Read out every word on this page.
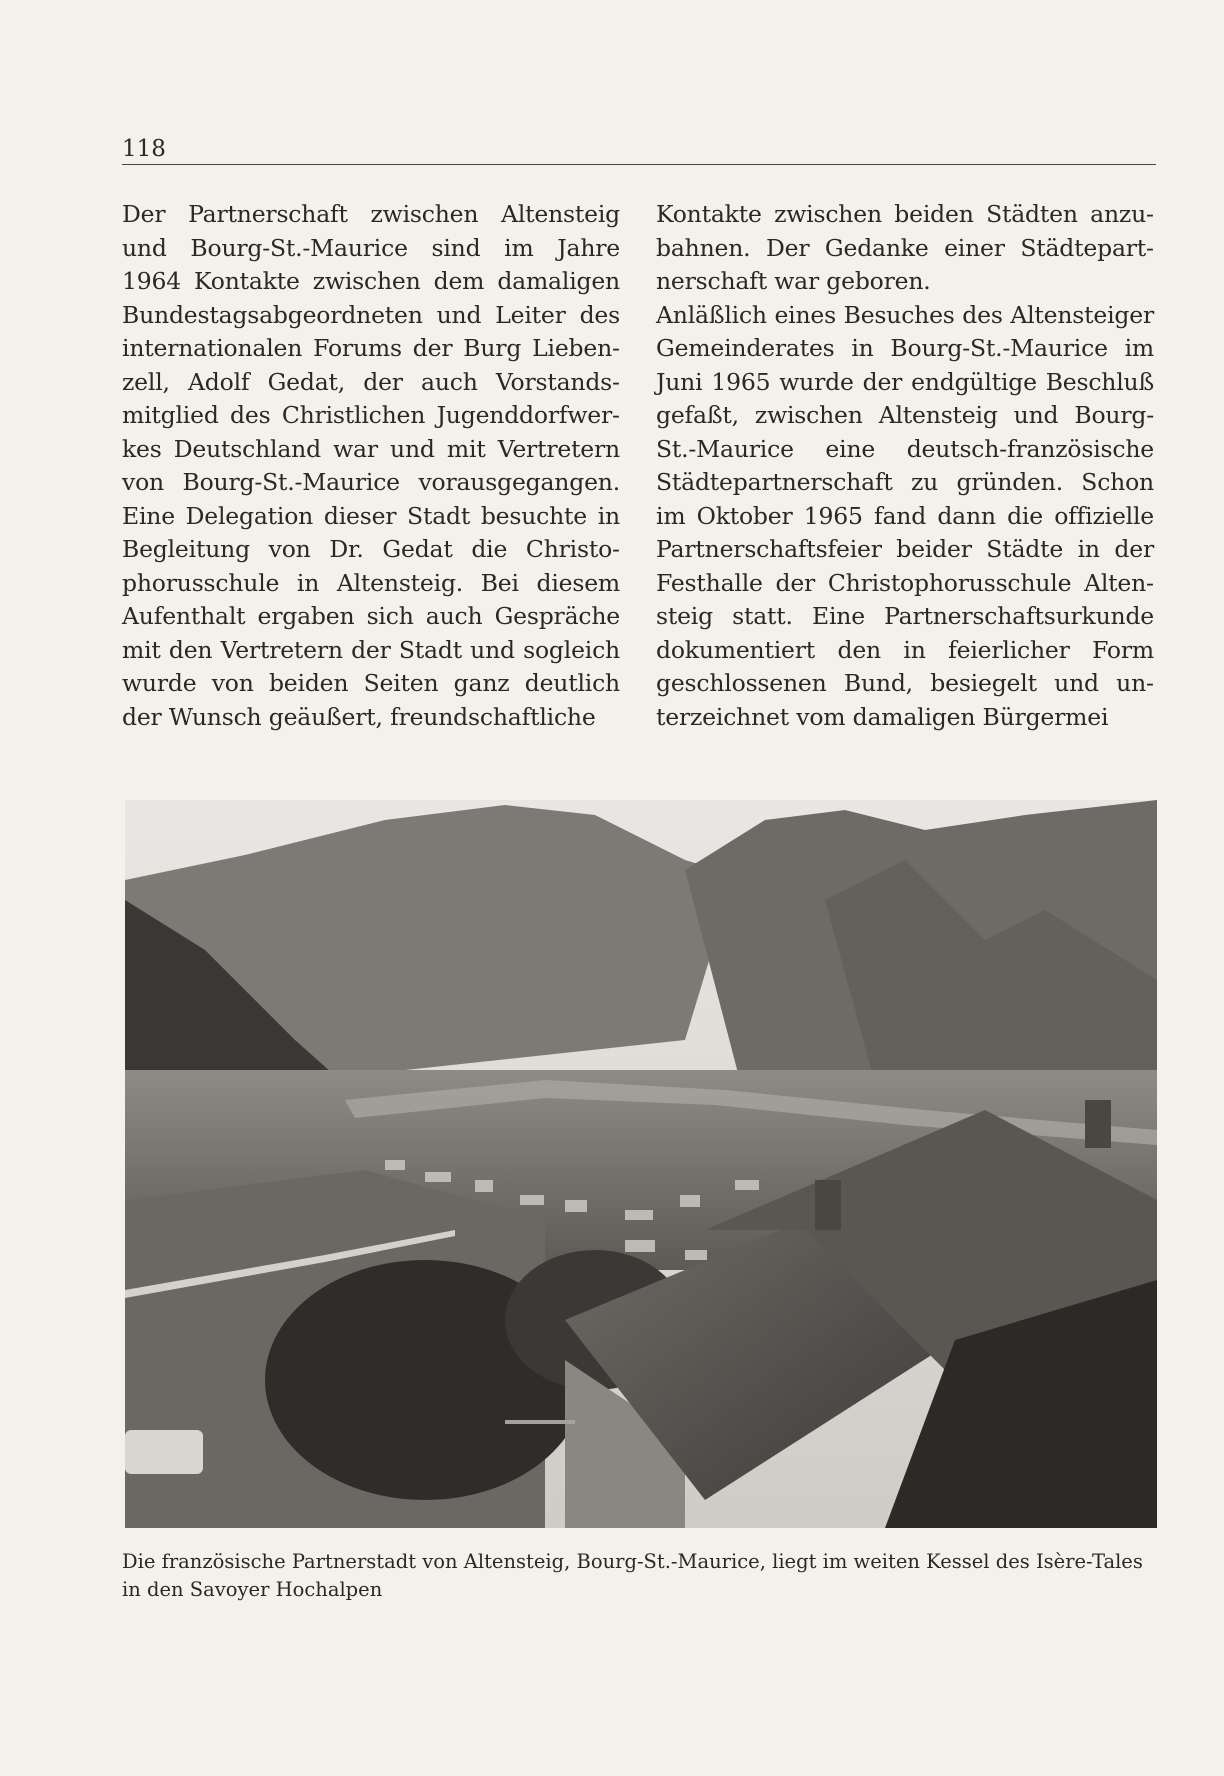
118

Der Partnerschaft zwischen Altensteig und Bourg-St.-Maurice sind im Jahre 1964 Kontakte zwischen dem damaligen Bundestagsabgeordneten und Leiter des internationalen Forums der Burg Liebenzell, Adolf Gedat, der auch Vorstandsmitglied des Christlichen Jugenddorfwerkes Deutschland war und mit Vertretern von Bourg-St.-Maurice vorausgegangen. Eine Delegation dieser Stadt besuchte in Begleitung von Dr. Gedat die Christophorusschule in Altensteig. Bei diesem Aufenthalt ergaben sich auch Gespräche mit den Vertretern der Stadt und sogleich wurde von beiden Seiten ganz deutlich der Wunsch geäußert, freundschaftliche

Kontakte zwischen beiden Städten anzubahnen. Der Gedanke einer Städtepartnerschaft war geboren.

Anläßlich eines Besuches des Altensteiger Gemeinderates in Bourg-St.-Maurice im Juni 1965 wurde der endgültige Beschluß gefaßt, zwischen Altensteig und Bourg-St.-Maurice eine deutsch-französische Städtepartnerschaft zu gründen. Schon im Oktober 1965 fand dann die offizielle Partnerschaftsfeier beider Städte in der Festhalle der Christophorusschule Altensteig statt. Eine Partnerschaftsurkunde dokumentiert den in feierlicher Form geschlossenen Bund, besiegelt und unterzeichnet vom damaligen Bürgermei

Die französische Partnerstadt von Altensteig, Bourg-St.-Maurice, liegt im weiten Kessel des Isère-Tales in den Savoyer Hochalpen
